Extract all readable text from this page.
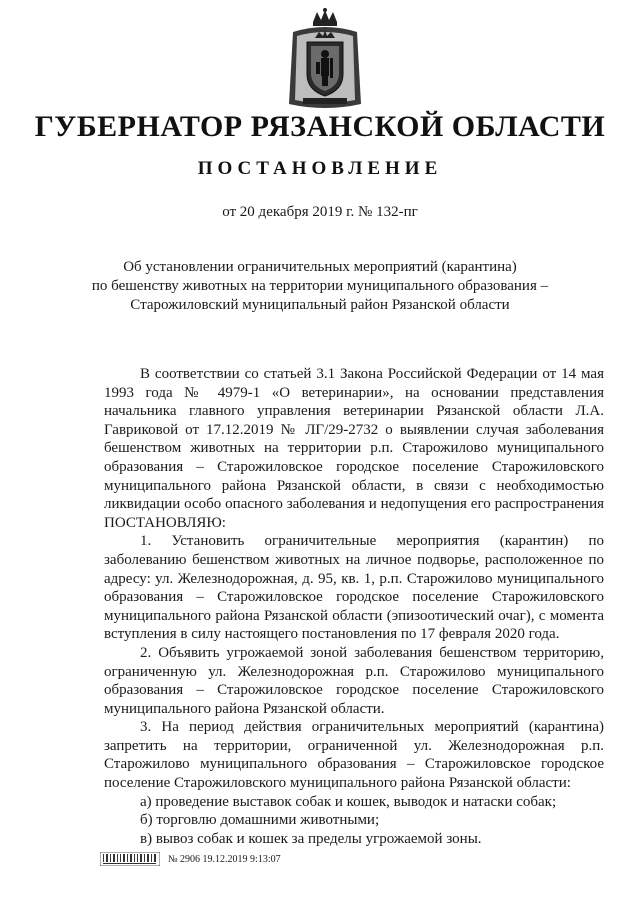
ГУБЕРНАТОР РЯЗАНСКОЙ ОБЛАСТИ
ПОСТАНОВЛЕНИЕ
от 20 декабря 2019 г. № 132-пг
Об установлении ограничительных мероприятий (карантина)
по бешенству животных на территории муниципального образования –
Старожиловский муниципальный район Рязанской области

В соответствии со статьей 3.1 Закона Российской Федерации от 14 мая 1993 года № 4979-1 «О ветеринарии», на основании представления начальника главного управления ветеринарии Рязанской области Л.А. Гавриковой от 17.12.2019 № ЛГ/29-2732 о выявлении случая заболевания бешенством животных на территории р.п. Старожилово муниципального образования – Старожиловское городское поселение Старожиловского муниципального района Рязанской области, в связи с необходимостью ликвидации особо опасного заболевания и недопущения его распространения ПОСТАНОВЛЯЮ:

1. Установить ограничительные мероприятия (карантин) по заболеванию бешенством животных на личное подворье, расположенное по адресу: ул. Железнодорожная, д. 95, кв. 1, р.п. Старожилово муниципального образования – Старожиловское городское поселение Старожиловского муниципального района Рязанской области (эпизоотический очаг), с момента вступления в силу настоящего постановления по 17 февраля 2020 года.

2. Объявить угрожаемой зоной заболевания бешенством территорию, ограниченную ул. Железнодорожная р.п. Старожилово муниципального образования – Старожиловское городское поселение Старожиловского муниципального района Рязанской области.

3. На период действия ограничительных мероприятий (карантина) запретить на территории, ограниченной ул. Железнодорожная р.п. Старожилово муниципального образования – Старожиловское городское поселение Старожиловского муниципального района Рязанской области:

а) проведение выставок собак и кошек, выводок и натаски собак;

б) торговлю домашними животными;

в) вывоз собак и кошек за пределы угрожаемой зоны.

№ 2906 19.12.2019 9:13:07
